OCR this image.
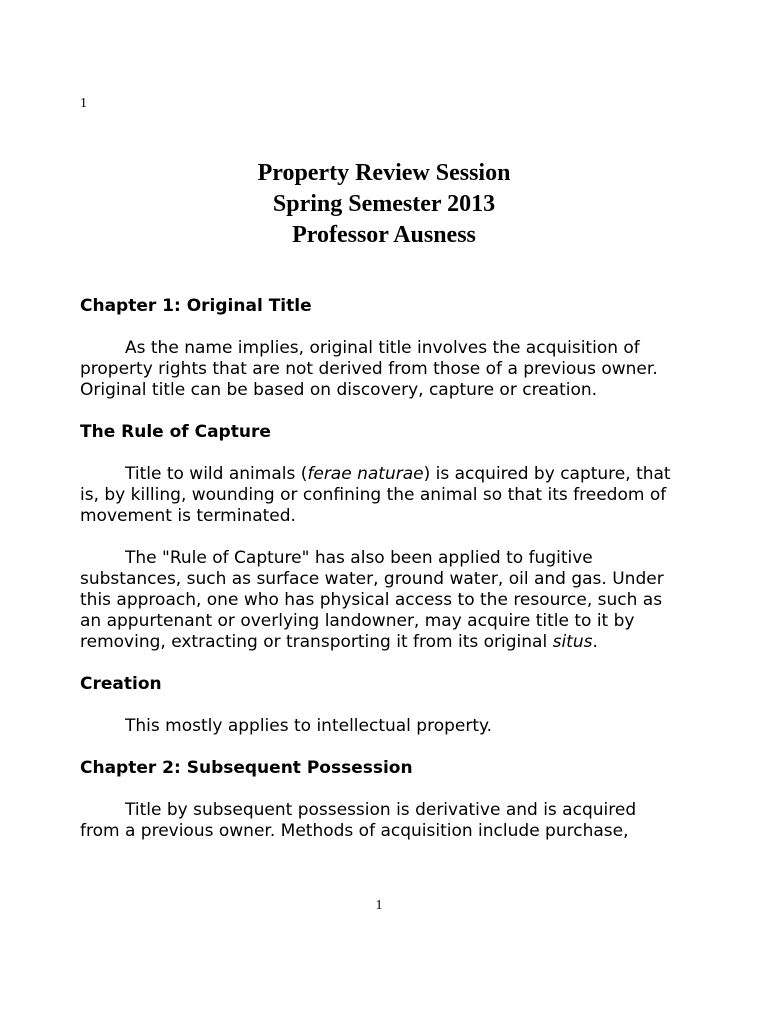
1
Property Review Session
Spring Semester 2013
Professor Ausness
Chapter 1: Original Title

As the name implies, original title involves the acquisition of property rights that are not derived from those of a previous owner. Original title can be based on discovery, capture or creation.

The Rule of Capture

Title to wild animals (ferae naturae) is acquired by capture, that is, by killing, wounding or confining the animal so that its freedom of movement is terminated.

The "Rule of Capture" has also been applied to fugitive substances, such as surface water, ground water, oil and gas. Under this approach, one who has physical access to the resource, such as an appurtenant or overlying landowner, may acquire title to it by removing, extracting or transporting it from its original situs.

Creation

This mostly applies to intellectual property.

Chapter 2: Subsequent Possession

Title by subsequent possession is derivative and is acquired from a previous owner. Methods of acquisition include purchase,

1
